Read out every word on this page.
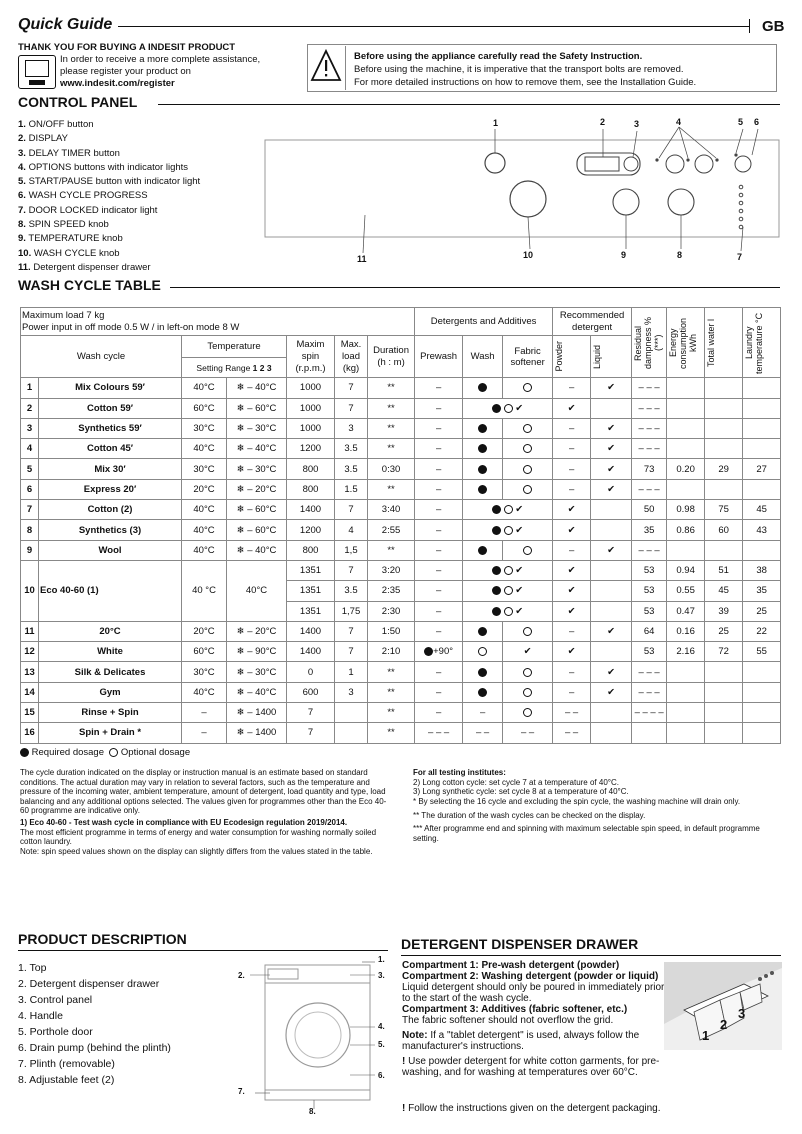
Quick Guide	GB
THANK YOU FOR BUYING A INDESIT PRODUCT
In order to receive a more complete assistance,
please register your product on
www.indesit.com/register
Before using the appliance carefully read the Safety Instruction.
Before using the machine, it is imperative that the transport bolts are removed.
For more detailed instructions on how to remove them, see the Installation Guide.
CONTROL PANEL
1. ON/OFF button
2. DISPLAY
3. DELAY TIMER button
4. OPTIONS buttons with indicator lights
5. START/PAUSE button with indicator light
6. WASH CYCLE PROGRESS
7. DOOR LOCKED indicator light
8. SPIN SPEED knob
9. TEMPERATURE knob
10. WASH CYCLE knob
11. Detergent dispenser drawer
1	2	3	4	5 6
7
8
9
10
11
WASH CYCLE TABLE
Maximum load 7 kg
Power input in off mode 0.5 W / in left-on mode 8 W							Detergents and Additives			Recommended detergent		Residual dampness % (***)	Energy consumption kWh	Total water l	Laundry temperature °C

Wash cycle		Temperature		Maxim spin (r.p.m.)	Max. load (kg)	Duration (h : m)	Prewash	Wash	Fabric softener	Powder	Liquid				

		Setting Range 1 2 3													
1	Mix Colours 59′	40°C	❄ – 40°C	1000	7	**	–			–	✔	– – –			
2	Cotton 59′	60°C	❄ – 60°C	1000	7	**	–	✔		✔		– – –			
3	Synthetics 59′	30°C	❄ – 30°C	1000	3	**	–			–	✔	– – –			
4	Cotton 45′	40°C	❄ – 40°C	1200	3.5	**	–			–	✔	– – –			
5	Mix 30′	30°C	❄ – 30°C	800	3.5	0:30	–			–	✔	73	0.20	29	27
6	Express 20′	20°C	❄ – 20°C	800	1.5	**	–			–	✔	– – –			
7	Cotton (2)	40°C	❄ – 60°C	1400	7	3:40	–	✔		✔		50	0.98	75	45
8	Synthetics (3)	40°C	❄ – 60°C	1200	4	2:55	–	✔		✔		35	0.86	60	43
9	Wool	40°C	❄ – 40°C	800	1,5	**	–			–	✔	– – –			
10	Eco 40-60 (1)	40 °C	40°C	1351	7	3:20	–	✔		✔		53	0.94	51	38
				1351	3.5	2:35	–	✔		✔		53	0.55	45	35
				1351	1,75	2:30	–	✔		✔		53	0.47	39	25
11	20°C	20°C	❄ – 20°C	1400	7	1:50	–			–	✔	64	0.16	25	22
12	White	60°C	❄ – 90°C	1400	7	2:10	+90°		✔	✔		53	2.16	72	55
13	Silk & Delicates	30°C	❄ – 30°C	0	1	**	–			–	✔	– – –			
14	Gym	40°C	❄ – 40°C	600	3	**	–			–	✔	– – –			
15	Rinse + Spin	–	❄ – 1400	7		**	–	–		– –		– – – –			
16	Spin + Drain *	–	❄ – 1400	7		**	– – –	– –	– –	– –					
Required dosage Optional dosage
The cycle duration indicated on the display or instruction manual is an estimate based on standard conditions. The actual duration may vary in relation to several factors, such as the temperature and pressure of the incoming water, ambient temperature, amount of detergent, load quantity and type, load balancing and any additional options selected. The values given for programmes other than the Eco 40-60 programme are indicative only.
1) Eco 40-60 - Test wash cycle in compliance with EU Ecodesign regulation 2019/2014.
The most efficient programme in terms of energy and water consumption for washing normally soiled cotton laundry.
Note: spin speed values shown on the display can slightly differs from the values stated in the table.
For all testing institutes:
2) Long cotton cycle: set cycle 7 at a temperature of 40°C.
3) Long synthetic cycle: set cycle 8 at a temperature of 40°C.
* By selecting the 16 cycle and excluding the spin cycle, the washing machine will drain only.
** The duration of the wash cycles can be checked on the display.
*** After programme end and spinning with maximum selectable spin speed, in default programme setting.
PRODUCT DESCRIPTION
1. Top
2. Detergent dispenser drawer
3. Control panel
4. Handle
5. Porthole door
6. Drain pump (behind the plinth)
7. Plinth (removable)
8. Adjustable feet (2)
1.
2.	3.
4.
5.
6.
7.
8.
DETERGENT DISPENSER DRAWER
Compartment 1: Pre-wash detergent (powder)
Compartment 2: Washing detergent (powder or liquid)
Liquid detergent should only be poured in immediately prior to the start of the wash cycle.
Compartment 3: Additives (fabric softener, etc.)
The fabric softener should not overflow the grid.
Note: If a "tablet detergent" is used, always follow the manufacturer's instructions.
! Use powder detergent for white cotton garments, for pre-washing, and for washing at temperatures over 60°C.
! Follow the instructions given on the detergent packaging.
1
2
3
